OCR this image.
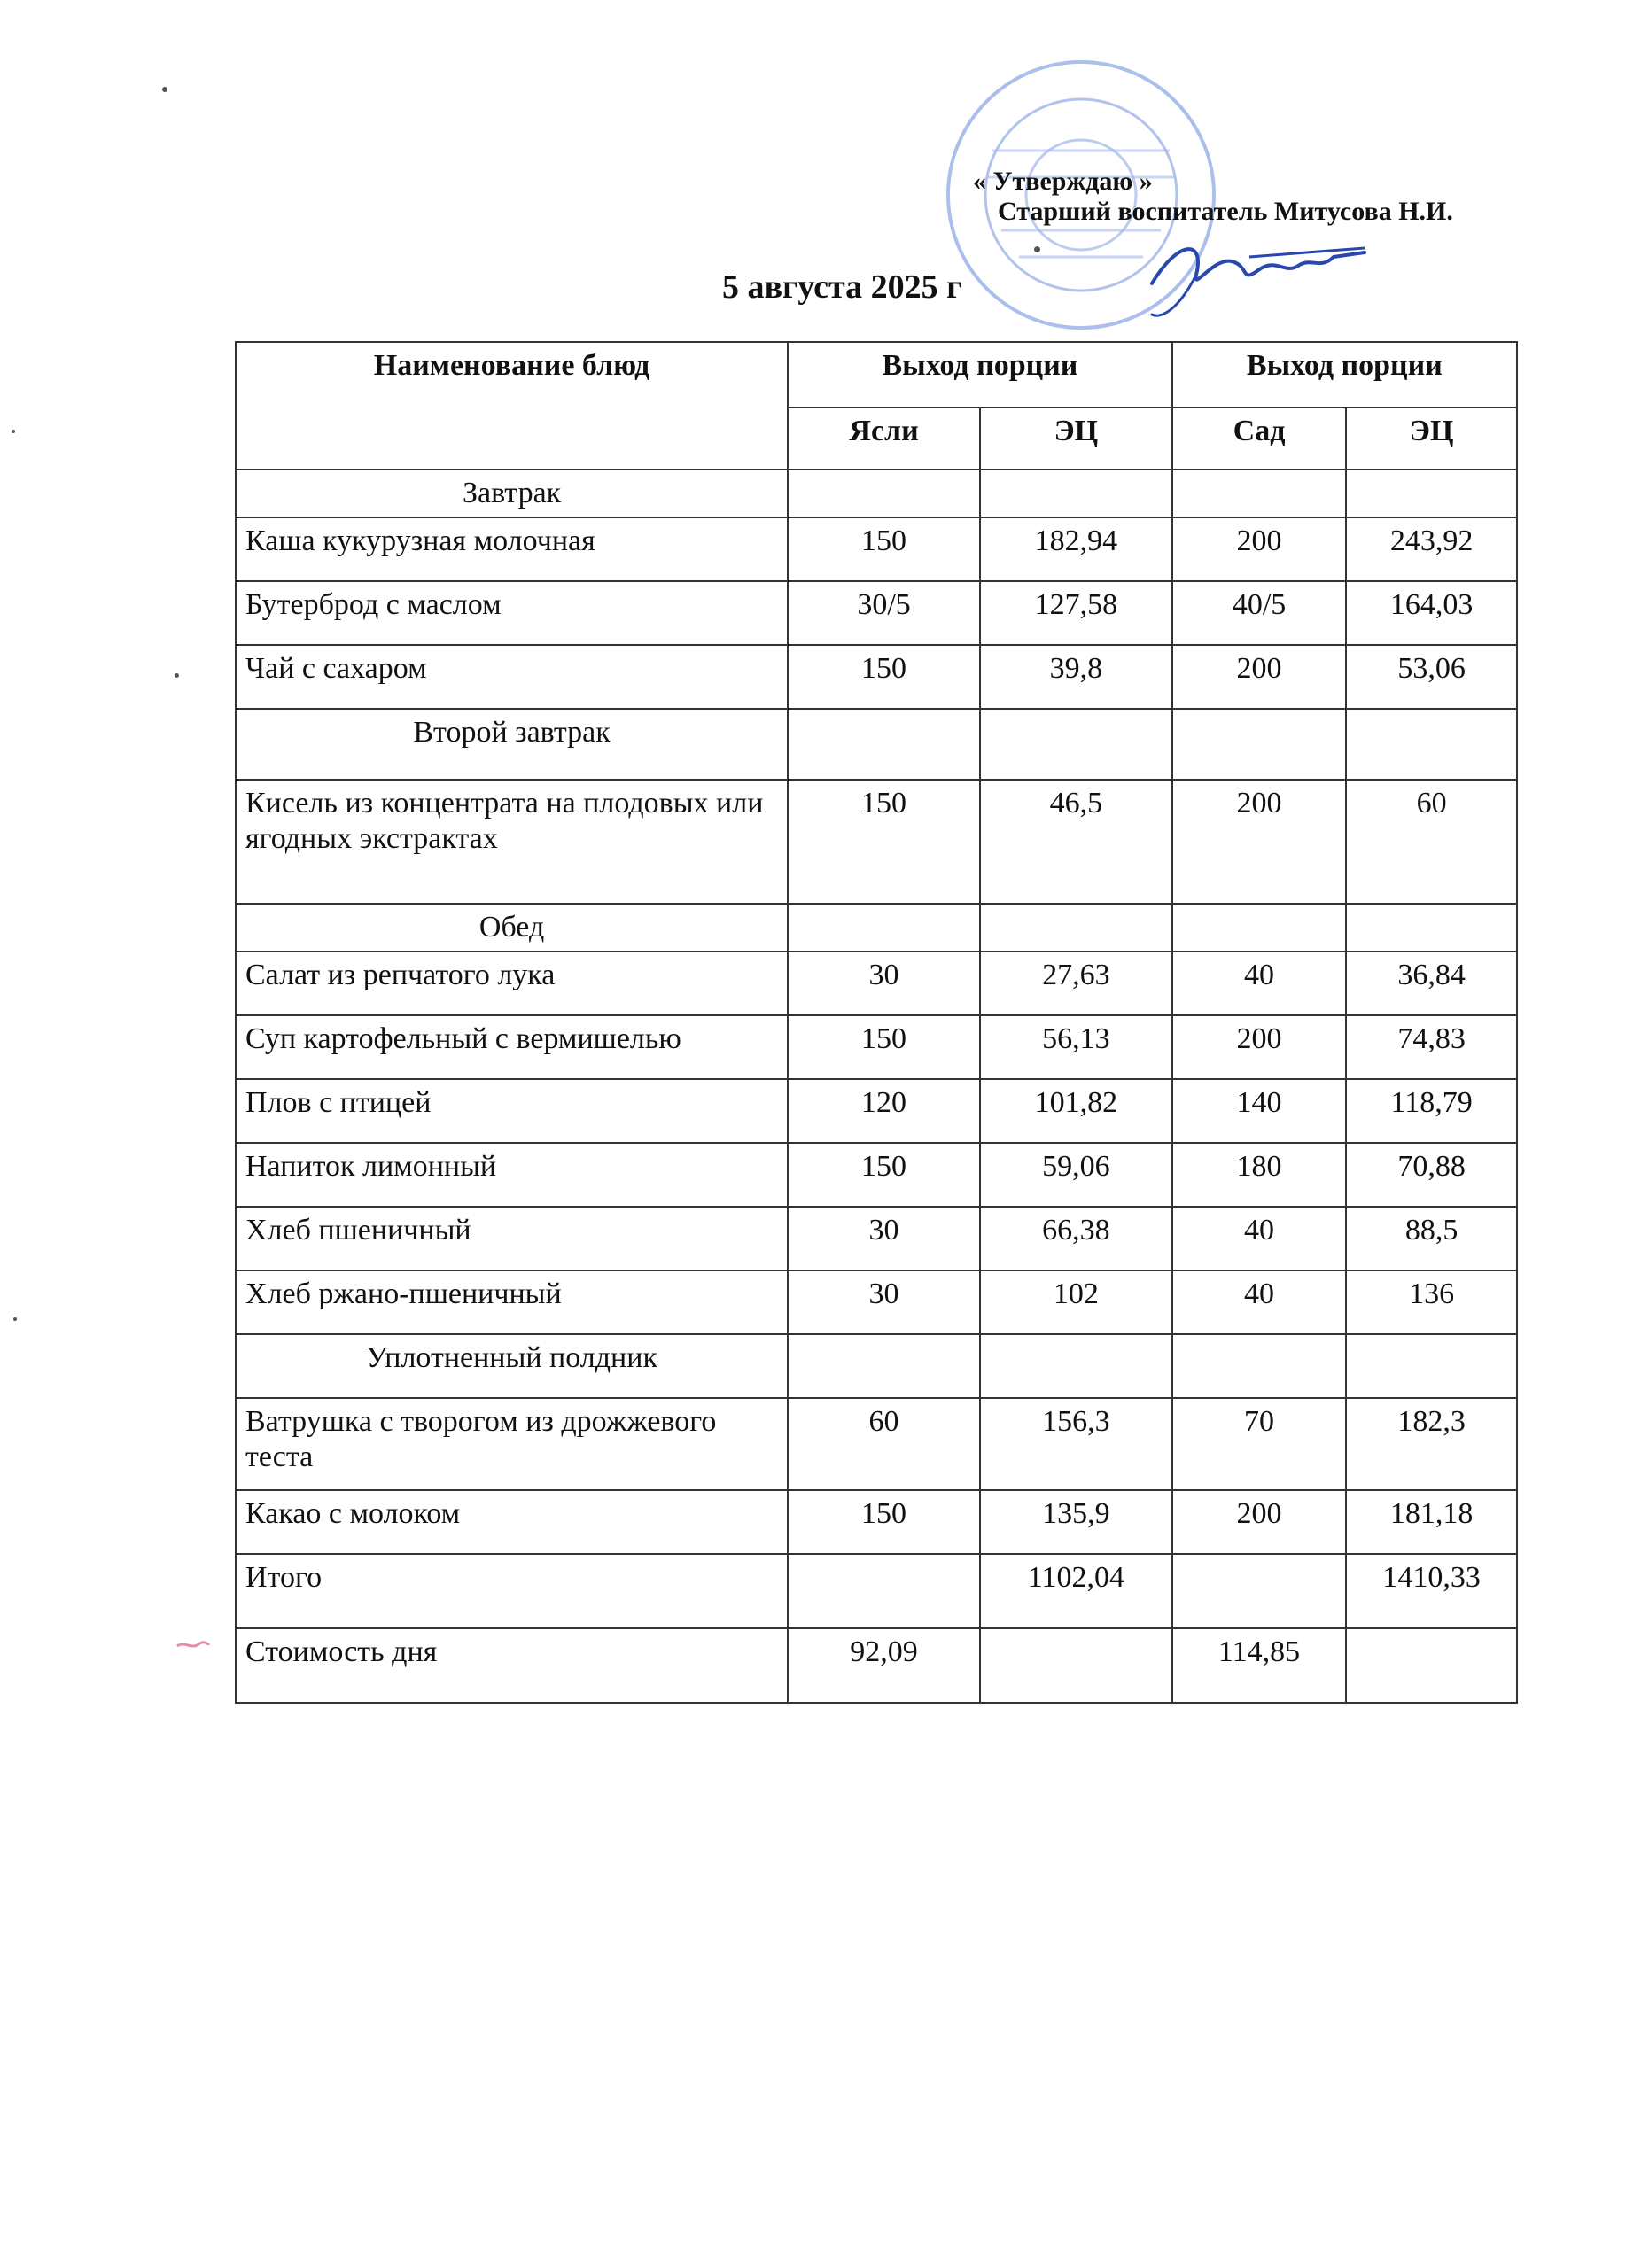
« Утверждаю »
Старший воспитатель Митусова Н.И.
5 августа 2025 г
Наименование блюд	Выход порции		Выход порции	
	Ясли	ЭЦ	Сад	ЭЦ
Завтрак				
Каша кукурузная молочная	150	182,94	200	243,92
Бутерброд с маслом	30/5	127,58	40/5	164,03
Чай с сахаром	150	39,8	200	53,06
Второй завтрак				
Кисель из концентрата на плодовых или ягодных экстрактах	150	46,5	200	60
Обед				
Салат из репчатого лука	30	27,63	40	36,84
Суп картофельный с вермишелью	150	56,13	200	74,83
Плов с птицей	120	101,82	140	118,79
Напиток лимонный	150	59,06	180	70,88
Хлеб пшеничный	30	66,38	40	88,5
Хлеб ржано-пшеничный	30	102	40	136
Уплотненный полдник				
Ватрушка с творогом из дрожжевого теста	60	156,3	70	182,3
Какао с молоком	150	135,9	200	181,18
Итого		1102,04		1410,33
Стоимость дня	92,09		114,85	
